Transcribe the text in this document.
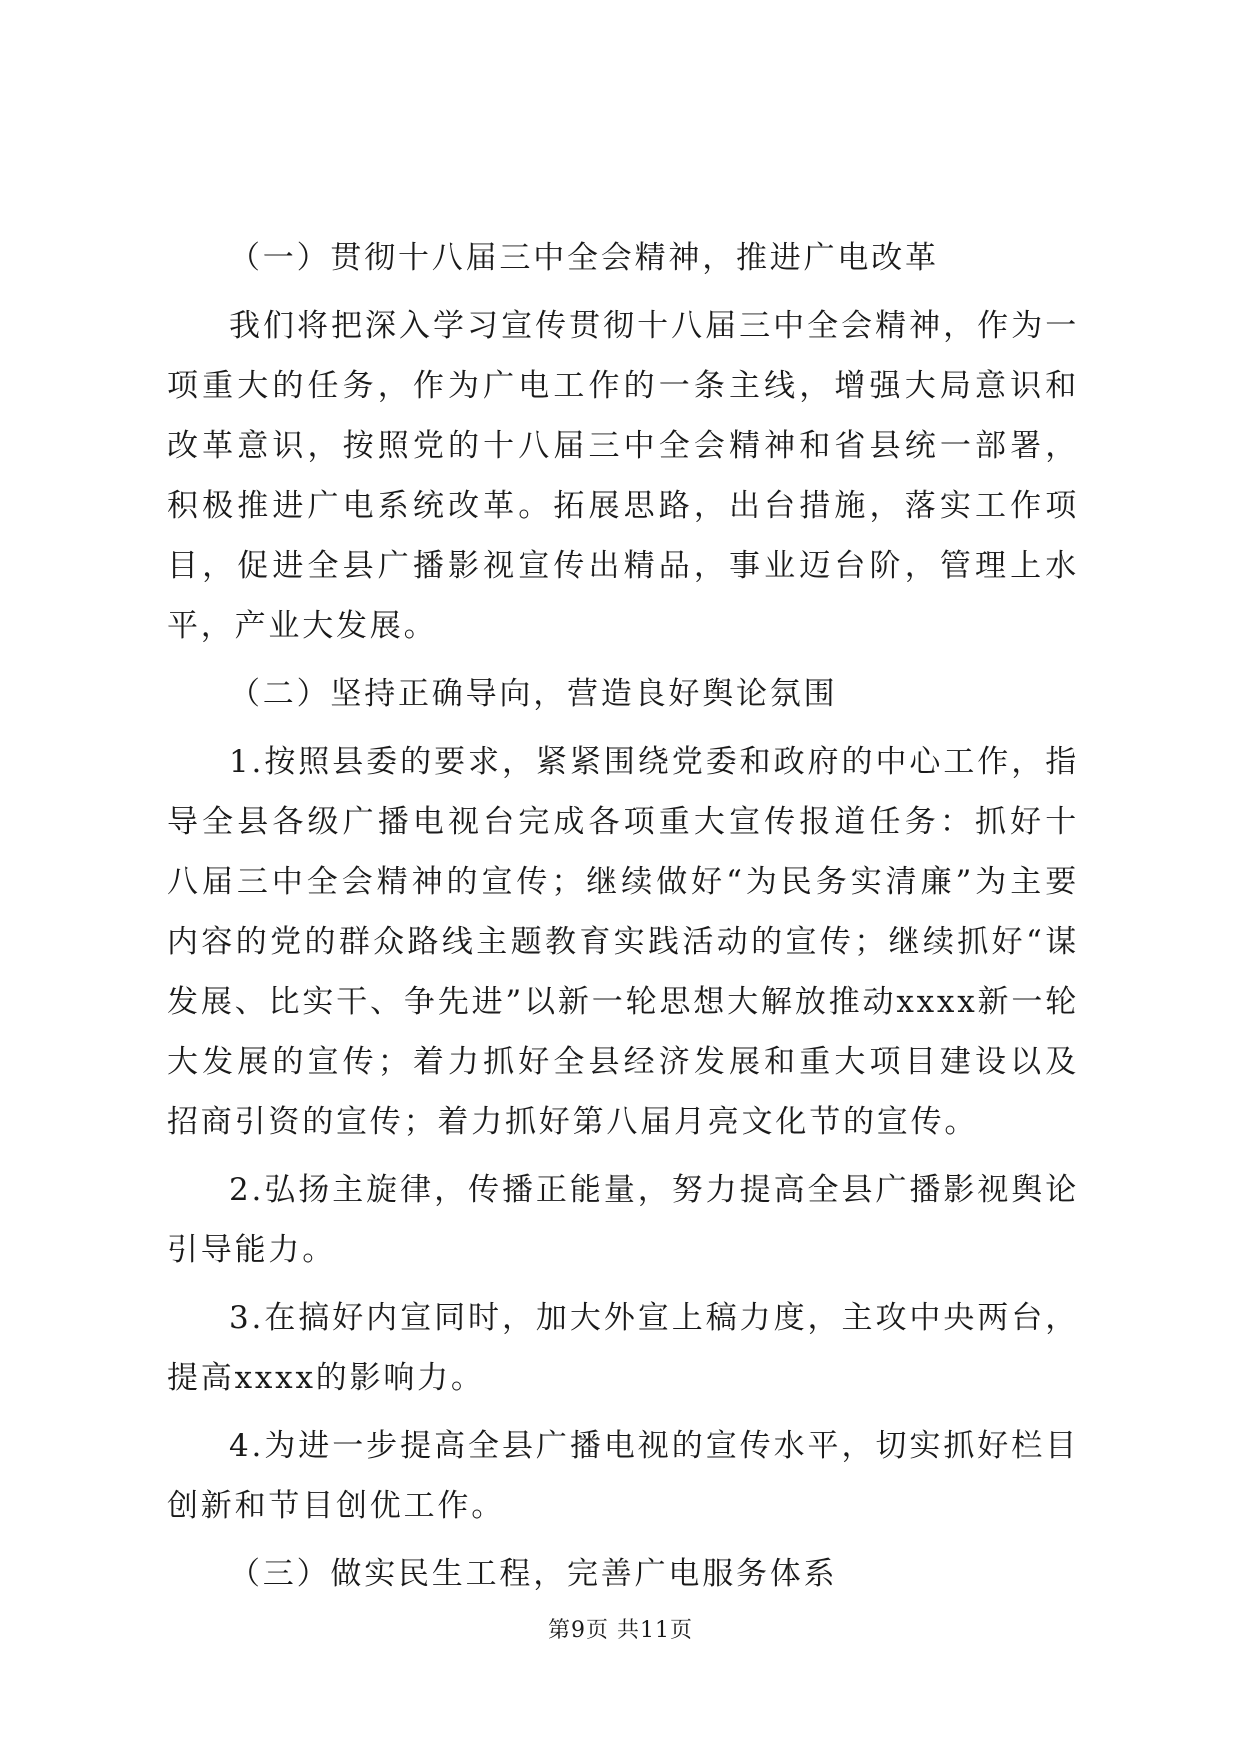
（一）贯彻十八届三中全会精神，推进广电改革

我们将把深入学习宣传贯彻十八届三中全会精神，作为一项重大的任务，作为广电工作的一条主线，增强大局意识和改革意识，按照党的十八届三中全会精神和省县统一部署，积极推进广电系统改革。拓展思路，出台措施，落实工作项目，促进全县广播影视宣传出精品，事业迈台阶，管理上水平，产业大发展。

（二）坚持正确导向，营造良好舆论氛围

1.按照县委的要求，紧紧围绕党委和政府的中心工作，指导全县各级广播电视台完成各项重大宣传报道任务：抓好十八届三中全会精神的宣传；继续做好“为民务实清廉”为主要内容的党的群众路线主题教育实践活动的宣传；继续抓好“谋发展、比实干、争先进”以新一轮思想大解放推动xxxx新一轮大发展的宣传；着力抓好全县经济发展和重大项目建设以及招商引资的宣传；着力抓好第八届月亮文化节的宣传。

2.弘扬主旋律，传播正能量，努力提高全县广播影视舆论引导能力。

3.在搞好内宣同时，加大外宣上稿力度，主攻中央两台，提高xxxx的影响力。

4.为进一步提高全县广播电视的宣传水平，切实抓好栏目创新和节目创优工作。

（三）做实民生工程，完善广电服务体系

第9页 共11页
